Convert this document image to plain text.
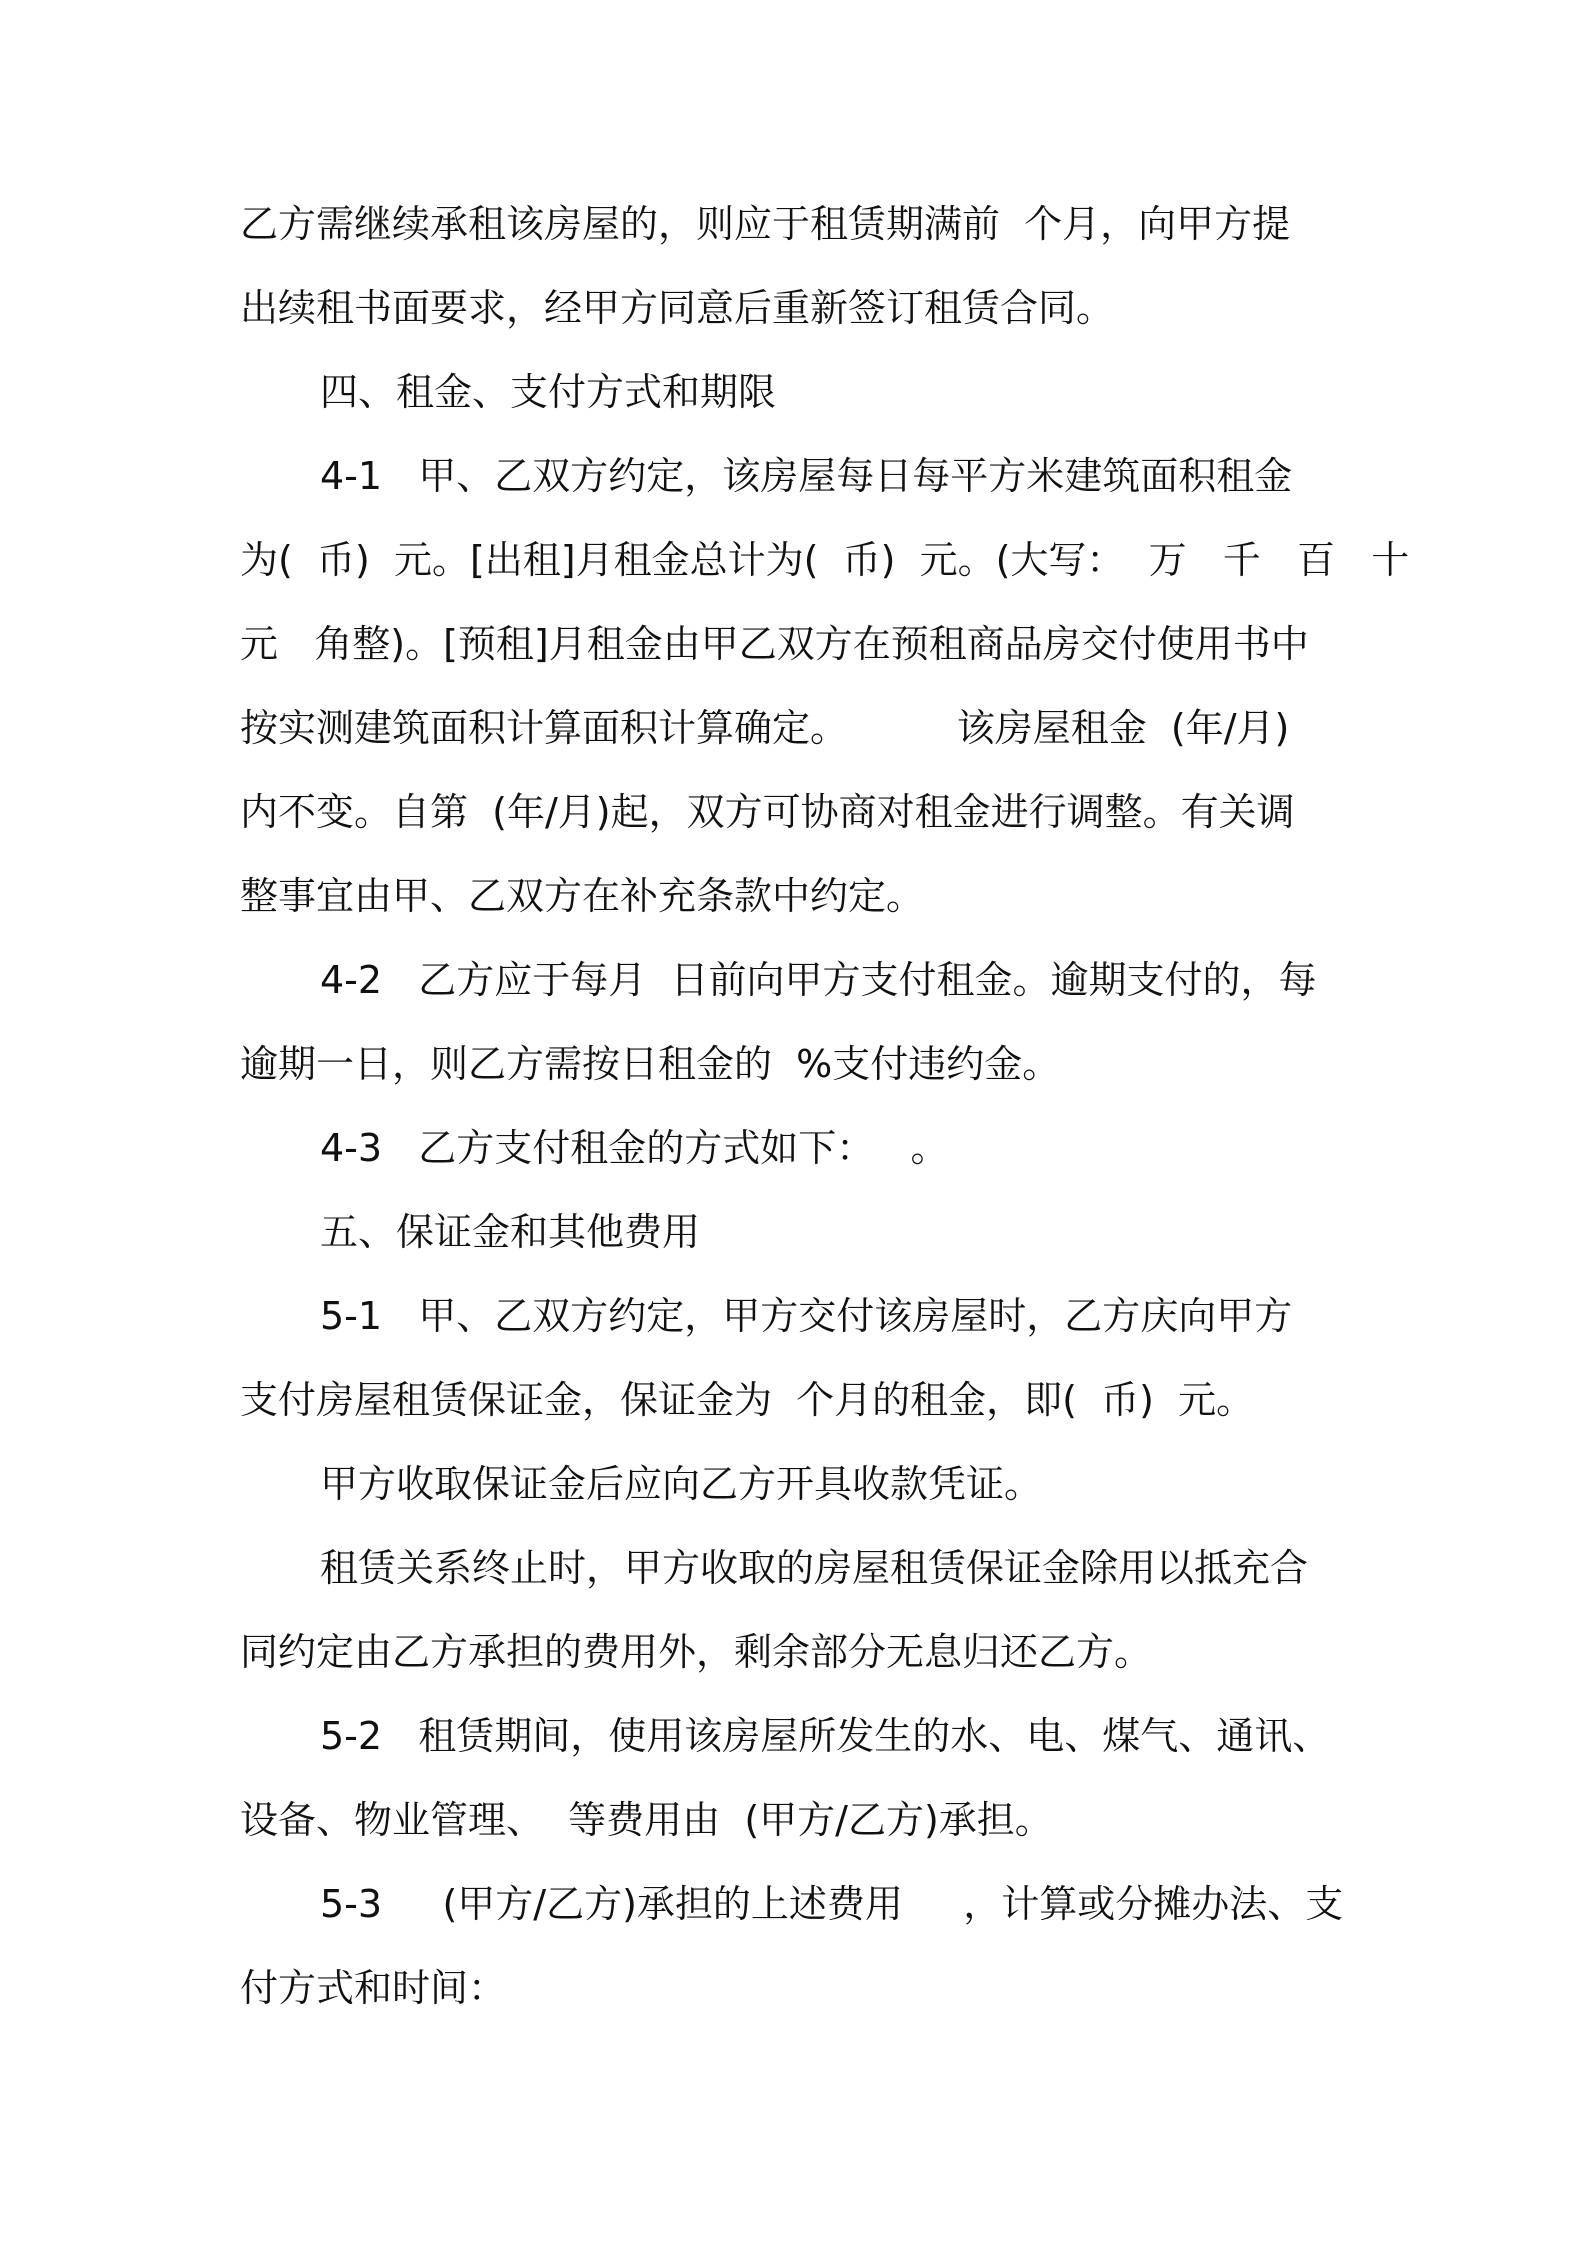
乙方需继续承租该房屋的，则应于租赁期满前  个月，向甲方提
出续租书面要求，经甲方同意后重新签订租赁合同。
四、租金、支付方式和期限
4-1   甲、乙双方约定，该房屋每日每平方米建筑面积租金
为(  币)  元。[出租]月租金总计为(  币)  元。(大写：  万   千   百   十
元   角整)。[预租]月租金由甲乙双方在预租商品房交付使用书中
按实测建筑面积计算面积计算确定。         该房屋租金  (年/月)
内不变。自第  (年/月)起，双方可协商对租金进行调整。有关调
整事宜由甲、乙双方在补充条款中约定。
4-2   乙方应于每月  日前向甲方支付租金。逾期支付的，每
逾期一日，则乙方需按日租金的  %支付违约金。
4-3   乙方支付租金的方式如下：   。
五、保证金和其他费用
5-1   甲、乙双方约定，甲方交付该房屋时，乙方庆向甲方
支付房屋租赁保证金，保证金为  个月的租金，即(  币)  元。
甲方收取保证金后应向乙方开具收款凭证。
租赁关系终止时，甲方收取的房屋租赁保证金除用以抵充合
同约定由乙方承担的费用外，剩余部分无息归还乙方。
5-2   租赁期间，使用该房屋所发生的水、电、煤气、通讯、
设备、物业管理、  等费用由  (甲方/乙方)承担。
5-3     (甲方/乙方)承担的上述费用     ，计算或分摊办法、支
付方式和时间：
